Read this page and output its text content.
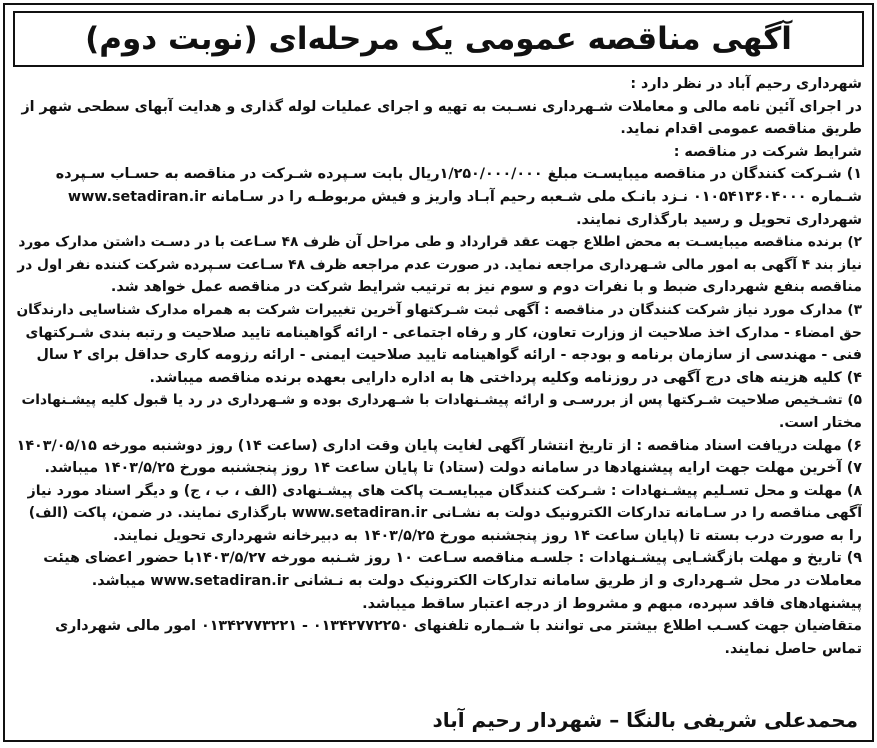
آگهی مناقصه عمومی یک مرحله‌ای (نوبت دوم)
شهرداری رحیم آباد در نظر دارد :
در اجرای آئین نامه مالی و معاملات شـهرداری نسـبت به تهیه و اجرای عملیات لوله گذاری و هدایت آبهای سطحی شهر از
طریق مناقصه عمومی اقدام نماید.
شرایط شرکت در مناقصه :
۱) شـرکت کنندگان در مناقصه میبایسـت مبلغ ۱/۲۵۰/۰۰۰/۰۰۰ریال بابت سـپرده شـرکت در مناقصه به حسـاب سـپرده
شـماره ۰۱۰۵۴۱۳۶۰۴۰۰۰ نـزد بانـک ملی شـعبه رحیم آبـاد واریز و فیش مربوطـه را در سـامانه www.setadiran.ir
شهرداری تحویل و رسید بارگذاری نمایند.
۲) برنده مناقصه میبایسـت به محض اطلاع جهت عقد قرارداد و طی مراحل آن ظرف ۴۸ سـاعت با در دسـت داشتن مدارک مورد
نیاز بند ۴ آگهی به امور مالی شـهرداری مراجعه نماید. در صورت عدم مراجعه ظرف ۴۸ سـاعت سـپرده شرکت کننده نفر اول در
مناقصه بنفع شهرداری ضبط و با نفرات دوم و سوم نیز به ترتیب شرایط شرکت در مناقصه عمل خواهد شد.
۳) مدارک مورد نیاز شرکت کنندگان در مناقصه : آگهی ثبت شـرکتهاو آخرین تغییرات شرکت به همراه مدارک شناسایی دارندگان
حق امضاء - مدارک اخذ صلاحیت از وزارت تعاون، کار و رفاه اجتماعی - ارائه گواهینامه تایید صلاحیت و رتبه بندی شـرکتهای
فنی - مهندسی از سازمان برنامه و بودجه - ارائه گواهینامه تایید صلاحیت ایمنی - ارائه رزومه کاری حداقل برای ۲ سال
۴) کلیه هزینه های درج آگهی در روزنامه وکلیه پرداختی ها به اداره دارایی بعهده برنده مناقصه میباشد.
۵) تشـخیص صلاحیت شـرکتها پس از بررسـی و ارائه پیشـنهادات با شـهرداری بوده و شـهرداری در رد یا قبول کلیه پیشـنهادات
مختار است.
۶) مهلت دریافت اسناد مناقصه : از تاریخ انتشار آگهی لغایت پایان وقت اداری (ساعت ۱۴) روز دوشنبه مورخه ۱۴۰۳/۰۵/۱۵
۷) آخرین مهلت جهت ارایه پیشنهادها در سامانه دولت (ستاد) تا پایان ساعت ۱۴ روز پنجشنبه مورخ ۱۴۰۳/۵/۲۵ میباشد.
۸) مهلت و محل تسـلیم پیشـنهادات : شـرکت کنندگان میبایسـت پاکت های پیشـنهادی (الف ، ب ، ج) و دیگر اسناد مورد نیاز
آگهی مناقصه را در سـامانه تدارکات الکترونیک دولت به نشـانی www.setadiran.ir بارگذاری نمایند. در ضمن، پاکت (الف)
را به صورت درب بسته تا (پایان ساعت ۱۴ روز پنجشنبه مورخ ۱۴۰۳/۵/۲۵ به دبیرخانه شهرداری تحویل نمایند.
۹) تاریخ و مهلت بازگشـایی پیشـنهادات : جلسـه مناقصه سـاعت ۱۰ روز شـنبه مورخه ۱۴۰۳/۵/۲۷با حضور اعضای هیئت
معاملات در محل شـهرداری و از طریق سامانه تدارکات الکترونیک دولت به نـشانی www.setadiran.ir میباشد.
پیشنهادهای فاقد سپرده، مبهم و مشروط از درجه اعتبار ساقط میباشد.
متقاضیان جهت کسـب اطلاع بیشتر می توانند با شـماره تلفنهای ۰۱۳۴۲۷۷۲۲۵۰ - ۰۱۳۴۲۷۷۳۲۲۱ امور مالی شهرداری
تماس حاصل نمایند.
محمدعلی شریفی بالنگا – شهردار رحیم آباد
